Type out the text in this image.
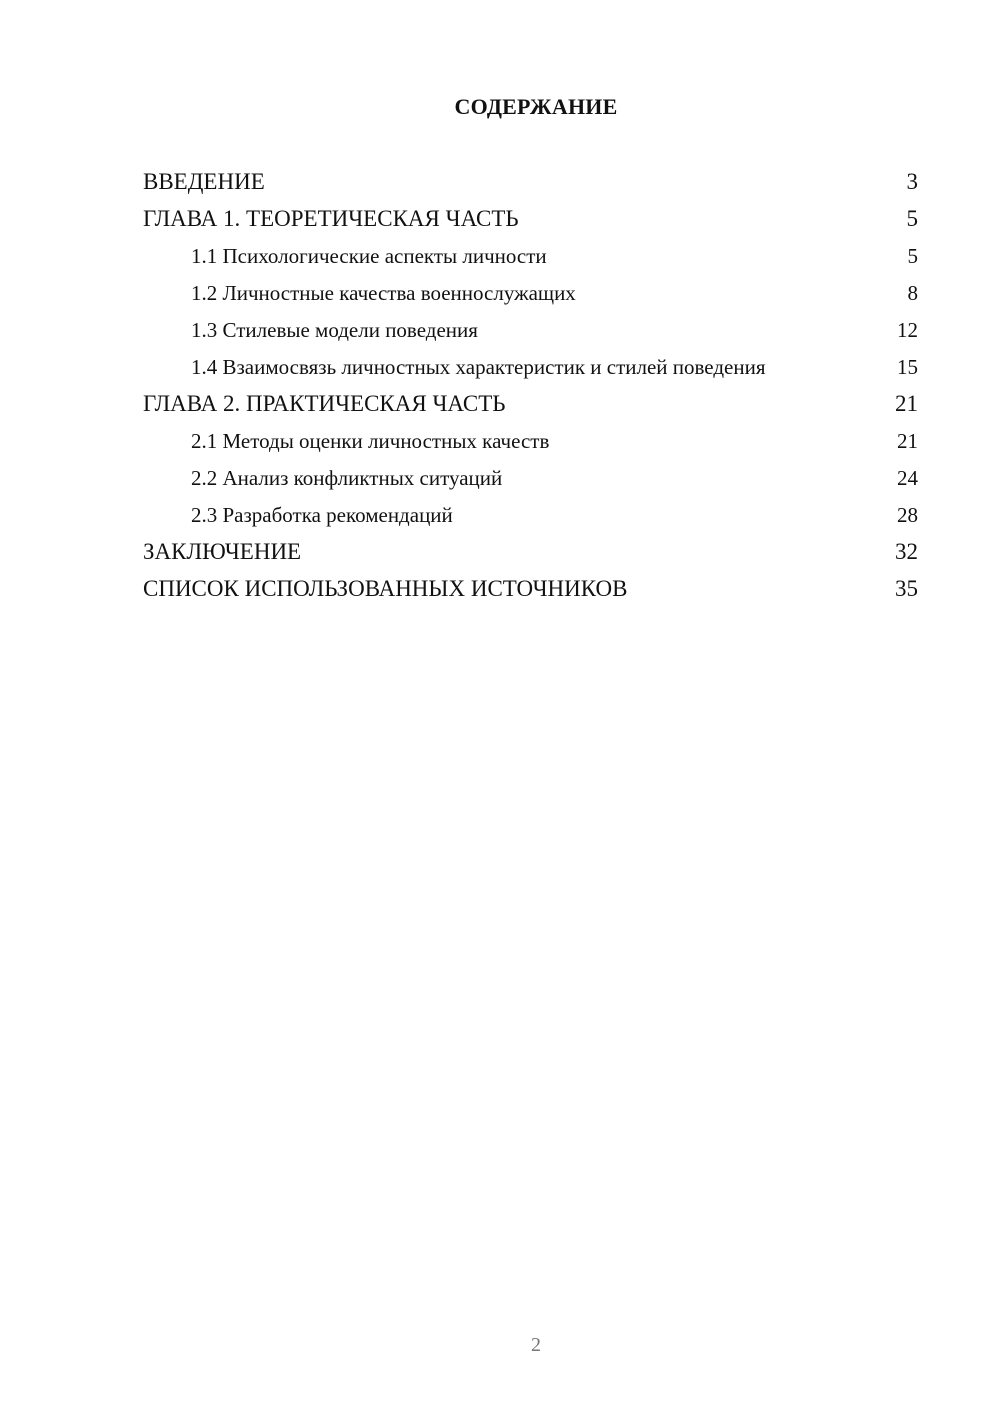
СОДЕРЖАНИЕ
ВВЕДЕНИЕ	3
ГЛАВА 1. ТЕОРЕТИЧЕСКАЯ ЧАСТЬ	5
1.1 Психологические аспекты личности	5
1.2 Личностные качества военнослужащих	8
1.3 Стилевые модели поведения	12
1.4 Взаимосвязь личностных характеристик и стилей поведения	15
ГЛАВА 2. ПРАКТИЧЕСКАЯ ЧАСТЬ	21
2.1 Методы оценки личностных качеств	21
2.2 Анализ конфликтных ситуаций	24
2.3 Разработка рекомендаций	28
ЗАКЛЮЧЕНИЕ	32
СПИСОК ИСПОЛЬЗОВАННЫХ ИСТОЧНИКОВ	35
2
